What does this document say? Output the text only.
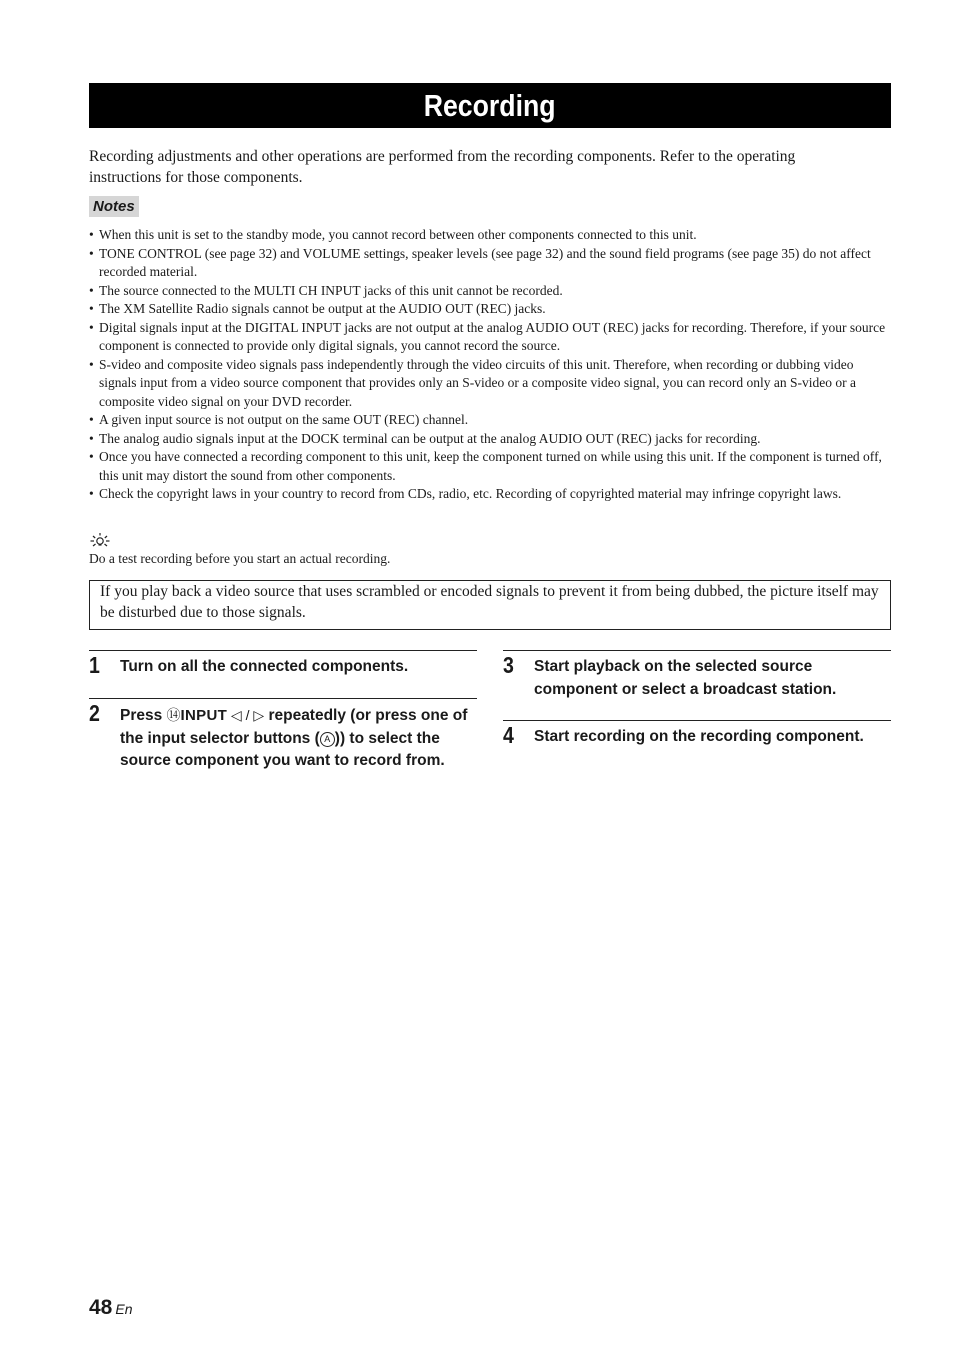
Recording

Recording adjustments and other operations are performed from the recording components. Refer to the operating instructions for those components.

Notes
• When this unit is set to the standby mode, you cannot record between other components connected to this unit.
• TONE CONTROL (see page 32) and VOLUME settings, speaker levels (see page 32) and the sound field programs (see page 35) do not affect recorded material.
• The source connected to the MULTI CH INPUT jacks of this unit cannot be recorded.
• The XM Satellite Radio signals cannot be output at the AUDIO OUT (REC) jacks.
• Digital signals input at the DIGITAL INPUT jacks are not output at the analog AUDIO OUT (REC) jacks for recording. Therefore, if your source component is connected to provide only digital signals, you cannot record the source.
• S-video and composite video signals pass independently through the video circuits of this unit. Therefore, when recording or dubbing video signals input from a video source component that provides only an S-video or a composite video signal, you can record only an S-video or a composite video signal on your DVD recorder.
• A given input source is not output on the same OUT (REC) channel.
• The analog audio signals input at the DOCK terminal can be output at the analog AUDIO OUT (REC) jacks for recording.
• Once you have connected a recording component to this unit, keep the component turned on while using this unit. If the component is turned off, this unit may distort the sound from other components.
• Check the copyright laws in your country to record from CDs, radio, etc. Recording of copyrighted material may infringe copyright laws.

Do a test recording before you start an actual recording.

If you play back a video source that uses scrambled or encoded signals to prevent it from being dubbed, the picture itself may be disturbed due to those signals.
1 Turn on all the connected components.
2 Press ⑭INPUT ◁ / ▷ repeatedly (or press one of the input selector buttons ( A )) to select the source component you want to record from.
3 Start playback on the selected source component or select a broadcast station.
4 Start recording on the recording component.
48 En
